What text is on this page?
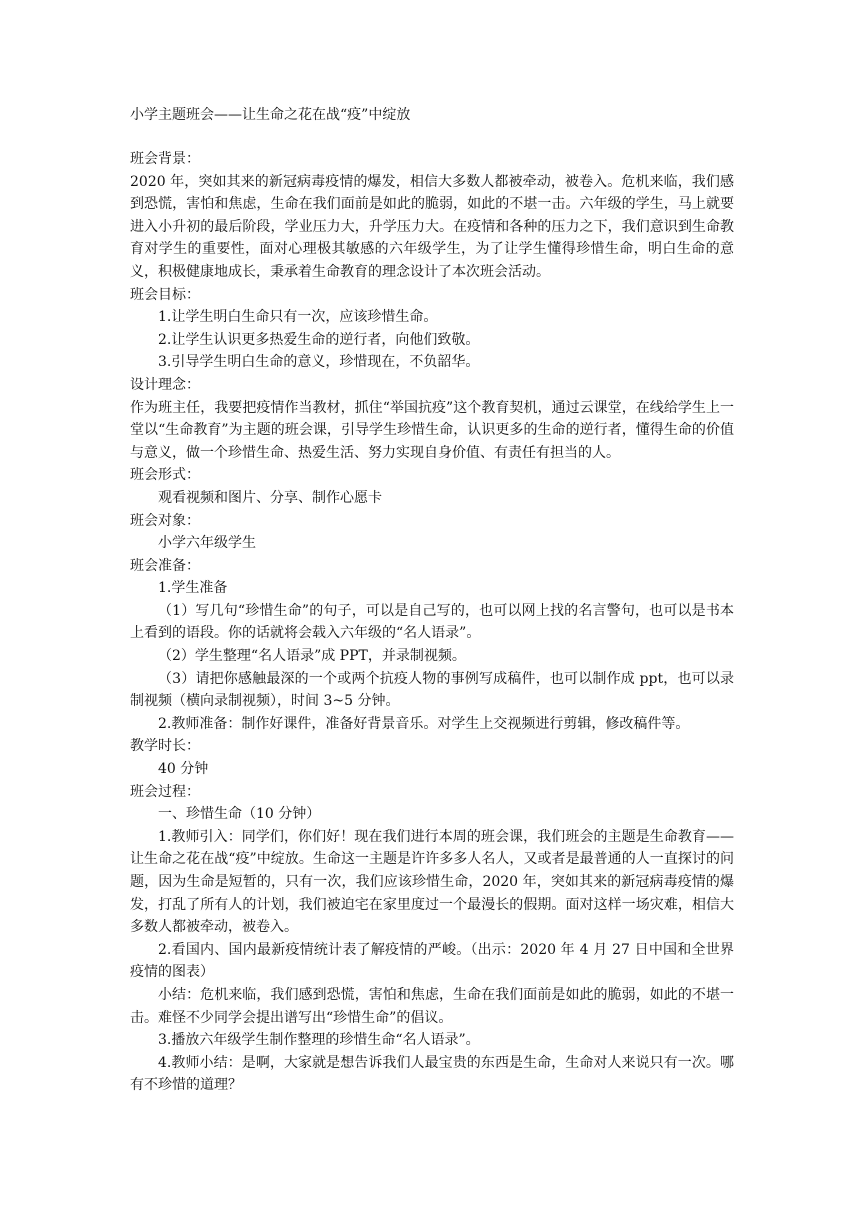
小学主题班会——让生命之花在战“疫”中绽放
班会背景：

2020 年，突如其来的新冠病毒疫情的爆发，相信大多数人都被牵动，被卷入。危机来临，我们感到恐慌，害怕和焦虑，生命在我们面前是如此的脆弱，如此的不堪一击。六年级的学生，马上就要进入小升初的最后阶段，学业压力大，升学压力大。在疫情和各种的压力之下，我们意识到生命教育对学生的重要性，面对心理极其敏感的六年级学生，为了让学生懂得珍惜生命，明白生命的意义，积极健康地成长，秉承着生命教育的理念设计了本次班会活动。

班会目标：

1.让学生明白生命只有一次，应该珍惜生命。

2.让学生认识更多热爱生命的逆行者，向他们致敬。

3.引导学生明白生命的意义，珍惜现在，不负韶华。

设计理念：

作为班主任，我要把疫情作当教材，抓住“举国抗疫”这个教育契机，通过云课堂，在线给学生上一堂以“生命教育”为主题的班会课，引导学生珍惜生命，认识更多的生命的逆行者，懂得生命的价值与意义，做一个珍惜生命、热爱生活、努力实现自身价值、有责任有担当的人。

班会形式：

观看视频和图片、分享、制作心愿卡

班会对象：

小学六年级学生

班会准备：

1.学生准备

（1）写几句“珍惜生命”的句子，可以是自己写的，也可以网上找的名言警句，也可以是书本上看到的语段。你的话就将会载入六年级的“名人语录”。

（2）学生整理“名人语录”成 PPT，并录制视频。

（3）请把你感触最深的一个或两个抗疫人物的事例写成稿件，也可以制作成 ppt，也可以录制视频（横向录制视频），时间 3~5 分钟。

2.教师准备：制作好课件，准备好背景音乐。对学生上交视频进行剪辑，修改稿件等。

教学时长：

40 分钟

班会过程：

一、珍惜生命（10 分钟）

1.教师引入：同学们，你们好！现在我们进行本周的班会课，我们班会的主题是生命教育——让生命之花在战“疫”中绽放。生命这一主题是许许多多人名人，又或者是最普通的人一直探讨的问题，因为生命是短暂的，只有一次，我们应该珍惜生命，2020 年，突如其来的新冠病毒疫情的爆发，打乱了所有人的计划，我们被迫宅在家里度过一个最漫长的假期。面对这样一场灾难，相信大多数人都被牵动，被卷入。

2.看国内、国内最新疫情统计表了解疫情的严峻。（出示：2020 年 4 月 27 日中国和全世界疫情的图表）

小结：危机来临，我们感到恐慌，害怕和焦虑，生命在我们面前是如此的脆弱，如此的不堪一击。难怪不少同学会提出谱写出“珍惜生命”的倡议。

3.播放六年级学生制作整理的珍惜生命“名人语录”。

4.教师小结：是啊，大家就是想告诉我们人最宝贵的东西是生命，生命对人来说只有一次。哪有不珍惜的道理？
